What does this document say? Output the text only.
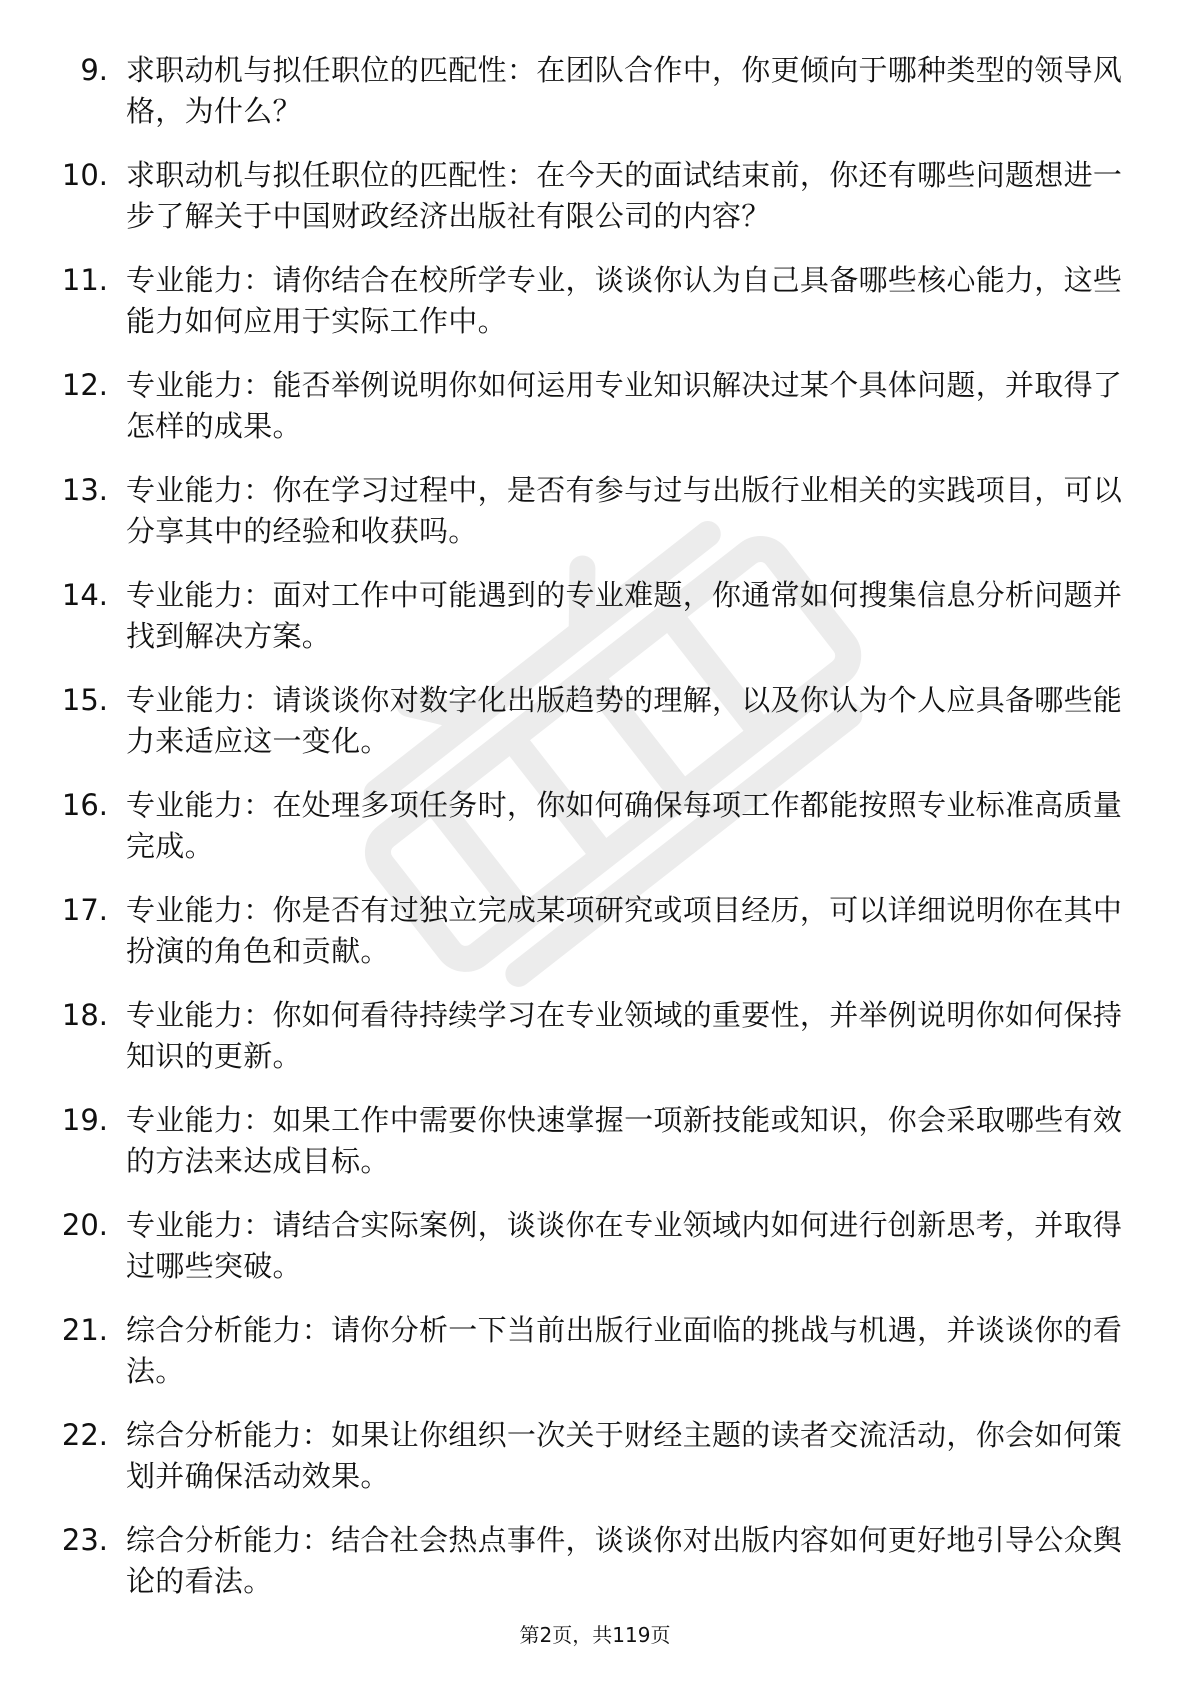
9. 求职动机与拟任职位的匹配性：在团队合作中，你更倾向于哪种类型的领导风格，为什么？
10. 求职动机与拟任职位的匹配性：在今天的面试结束前，你还有哪些问题想进一步了解关于中国财政经济出版社有限公司的内容？
11. 专业能力：请你结合在校所学专业，谈谈你认为自己具备哪些核心能力，这些能力如何应用于实际工作中。
12. 专业能力：能否举例说明你如何运用专业知识解决过某个具体问题，并取得了怎样的成果。
13. 专业能力：你在学习过程中，是否有参与过与出版行业相关的实践项目，可以分享其中的经验和收获吗。
14. 专业能力：面对工作中可能遇到的专业难题，你通常如何搜集信息分析问题并找到解决方案。
15. 专业能力：请谈谈你对数字化出版趋势的理解，以及你认为个人应具备哪些能力来适应这一变化。
16. 专业能力：在处理多项任务时，你如何确保每项工作都能按照专业标准高质量完成。
17. 专业能力：你是否有过独立完成某项研究或项目经历，可以详细说明你在其中扮演的角色和贡献。
18. 专业能力：你如何看待持续学习在专业领域的重要性，并举例说明你如何保持知识的更新。
19. 专业能力：如果工作中需要你快速掌握一项新技能或知识，你会采取哪些有效的方法来达成目标。
20. 专业能力：请结合实际案例，谈谈你在专业领域内如何进行创新思考，并取得过哪些突破。
21. 综合分析能力：请你分析一下当前出版行业面临的挑战与机遇，并谈谈你的看法。
22. 综合分析能力：如果让你组织一次关于财经主题的读者交流活动，你会如何策划并确保活动效果。
23. 综合分析能力：结合社会热点事件，谈谈你对出版内容如何更好地引导公众舆论的看法。
第2页，共119页
